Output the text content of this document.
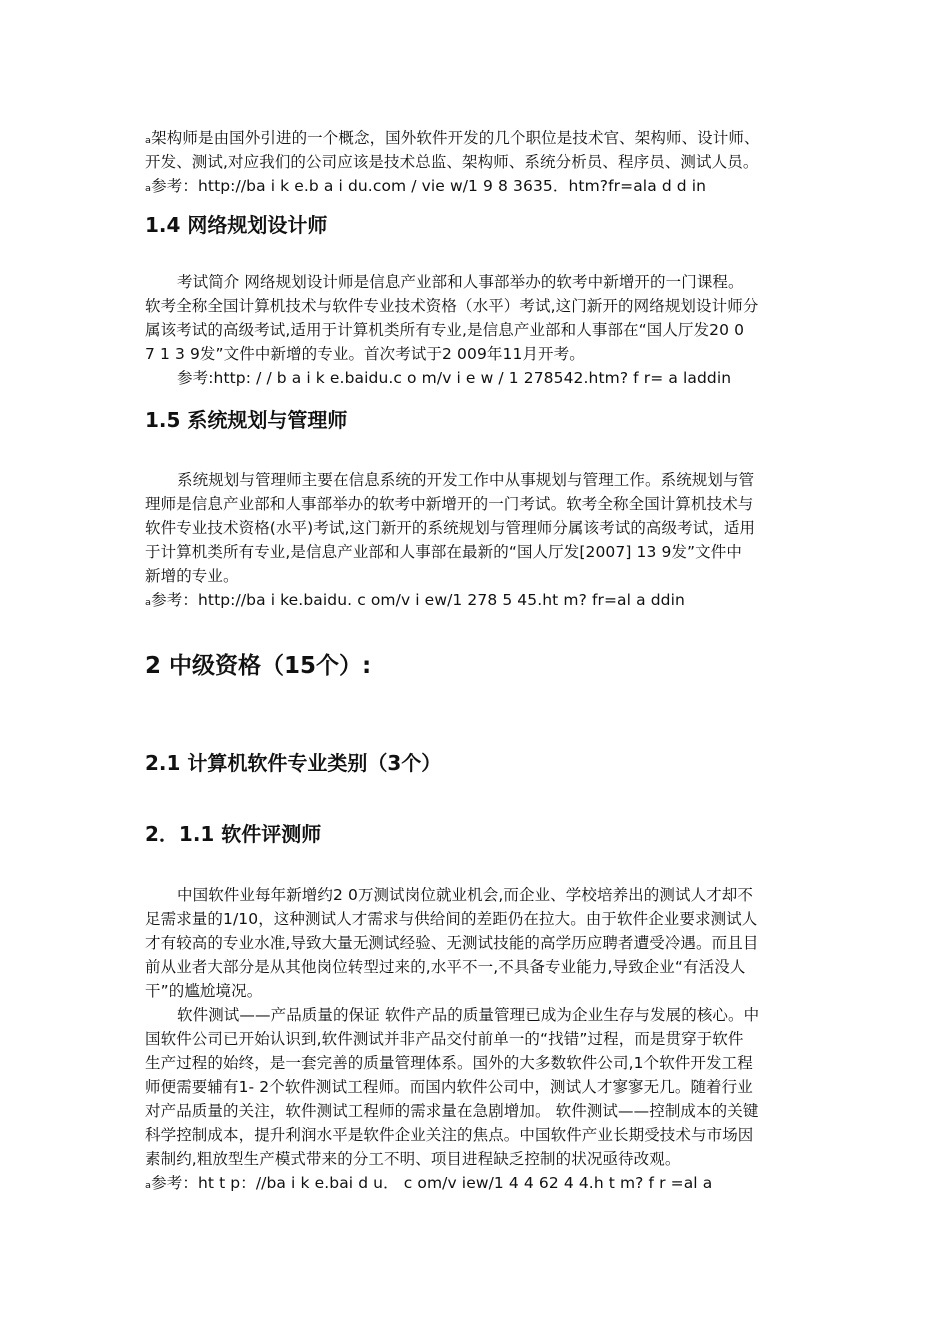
ₐ架构师是由国外引进的一个概念，国外软件开发的几个职位是技术官、架构师、设计师、
开发、测试,对应我们的公司应该是技术总监、架构师、系统分析员、程序员、测试人员。
ₐ参考：http://ba i k e.b a i du.com / vie w/1 9 8 3635．htm?fr=ala d d in
1.4 网络规划设计师
考试简介 网络规划设计师是信息产业部和人事部举办的软考中新增开的一门课程。
软考全称全国计算机技术与软件专业技术资格（水平）考试,这门新开的网络规划设计师分
属该考试的高级考试,适用于计算机类所有专业,是信息产业部和人事部在“国人厅发20 0
7 1 3 9发”文件中新增的专业。首次考试于2 009年11月开考。
参考:http: / / b a i k e.baidu.c o m/v i e w / 1 278542.htm? f r= a laddin
1.5 系统规划与管理师
系统规划与管理师主要在信息系统的开发工作中从事规划与管理工作。系统规划与管
理师是信息产业部和人事部举办的软考中新增开的一门考试。软考全称全国计算机技术与
软件专业技术资格(水平)考试,这门新开的系统规划与管理师分属该考试的高级考试，适用
于计算机类所有专业,是信息产业部和人事部在最新的“国人厅发[2007] 13 9发”文件中
新增的专业。
ₐ参考：http://ba i ke.baidu. c om/v i ew/1 278 5 45.ht m? fr=al a ddin
2 中级资格（15个）:
2.1 计算机软件专业类别（3个）
2．1.1 软件评测师
中国软件业每年新增约2 0万测试岗位就业机会,而企业、学校培养出的测试人才却不
足需求量的1/10，这种测试人才需求与供给间的差距仍在拉大。由于软件企业要求测试人
才有较高的专业水准,导致大量无测试经验、无测试技能的高学历应聘者遭受冷遇。而且目
前从业者大部分是从其他岗位转型过来的,水平不一,不具备专业能力,导致企业“有活没人
干”的尴尬境况。
软件测试——产品质量的保证 软件产品的质量管理已成为企业生存与发展的核心。中
国软件公司已开始认识到,软件测试并非产品交付前单一的“找错”过程，而是贯穿于软件
生产过程的始终，是一套完善的质量管理体系。国外的大多数软件公司,1个软件开发工程
师便需要辅有1- 2个软件测试工程师。而国内软件公司中，测试人才寥寥无几。随着行业
对产品质量的关注，软件测试工程师的需求量在急剧增加。 软件测试——控制成本的关键
科学控制成本，提升利润水平是软件企业关注的焦点。中国软件产业长期受技术与市场因
素制约,粗放型生产模式带来的分工不明、项目进程缺乏控制的状况亟待改观。
ₐ参考：ht t p：//ba i k e.bai d u． c om/v iew/1 4 4 62 4 4.h t m? f r =al a
